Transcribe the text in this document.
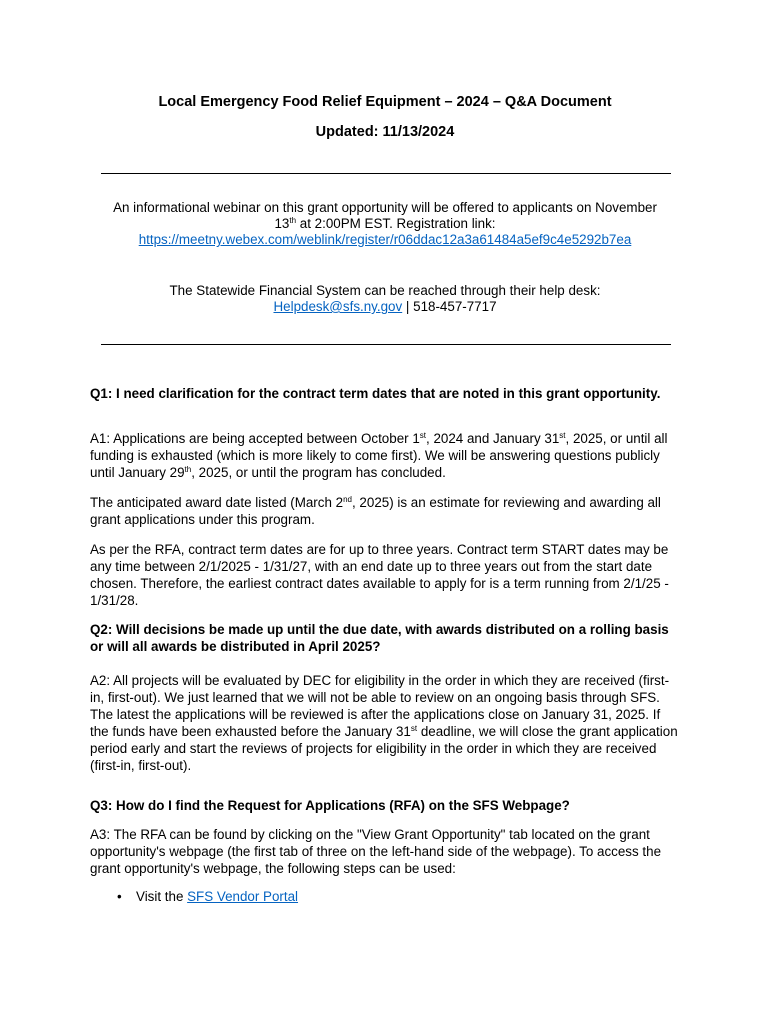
Local Emergency Food Relief Equipment – 2024 – Q&A Document
Updated: 11/13/2024
An informational webinar on this grant opportunity will be offered to applicants on November
13th at 2:00PM EST. Registration link:
https://meetny.webex.com/weblink/register/r06ddac12a3a61484a5ef9c4e5292b7ea
The Statewide Financial System can be reached through their help desk:
Helpdesk@sfs.ny.gov | 518-457-7717
Q1: I need clarification for the contract term dates that are noted in this grant opportunity.
A1: Applications are being accepted between October 1st, 2024 and January 31st, 2025, or until all funding is exhausted (which is more likely to come first). We will be answering questions publicly until January 29th, 2025, or until the program has concluded.
The anticipated award date listed (March 2nd, 2025) is an estimate for reviewing and awarding all grant applications under this program.
As per the RFA, contract term dates are for up to three years. Contract term START dates may be any time between 2/1/2025 - 1/31/27, with an end date up to three years out from the start date chosen. Therefore, the earliest contract dates available to apply for is a term running from 2/1/25 - 1/31/28.
Q2: Will decisions be made up until the due date, with awards distributed on a rolling basis or will all awards be distributed in April 2025?
A2: All projects will be evaluated by DEC for eligibility in the order in which they are received (first-in, first-out). We just learned that we will not be able to review on an ongoing basis through SFS. The latest the applications will be reviewed is after the applications close on January 31, 2025. If the funds have been exhausted before the January 31st deadline, we will close the grant application period early and start the reviews of projects for eligibility in the order in which they are received (first-in, first-out).
Q3: How do I find the Request for Applications (RFA) on the SFS Webpage?
A3: The RFA can be found by clicking on the "View Grant Opportunity" tab located on the grant opportunity's webpage (the first tab of three on the left-hand side of the webpage). To access the grant opportunity's webpage, the following steps can be used:
• Visit the SFS Vendor Portal
